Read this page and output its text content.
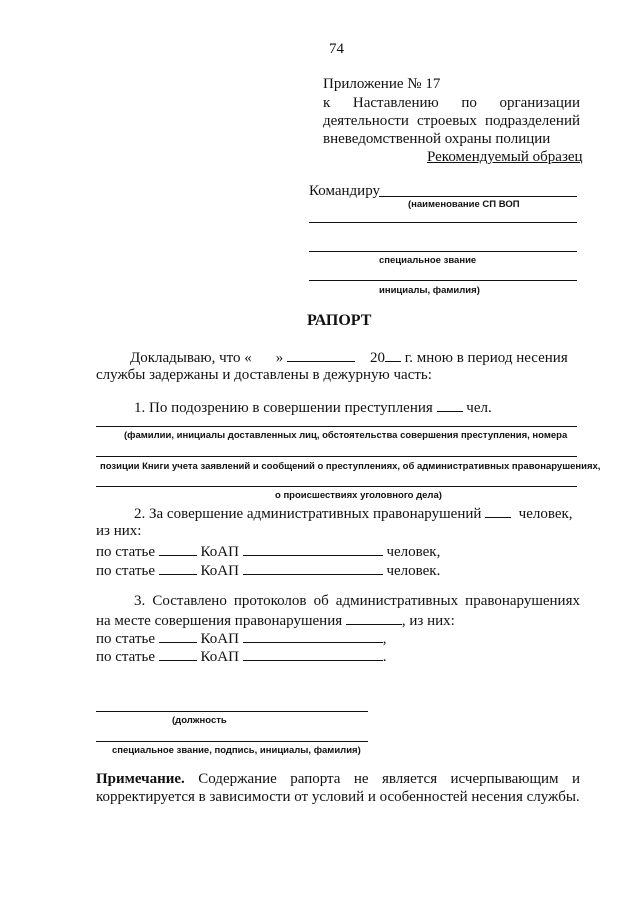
74
Приложение № 17
к Наставлению по организации
деятельности строевых подразделений
вневедомственной охраны полиции
Рекомендуемый образец
Командиру
(наименование СП ВОП
специальное звание
инициалы, фамилия)
РАПОРТ
Докладываю, что « »	20 г. мною в период несения
службы задержаны и доставлены в дежурную часть:
1. По подозрению в совершении преступления чел.
(фамилии, инициалы доставленных лиц, обстоятельства совершения преступления, номера
позиции Книги учета заявлений и сообщений о преступлениях, об административных правонарушениях,
о происшествиях уголовного дела)
2. За совершение административных правонарушений человек,
из них:
по статье	КоАП	человек,
по статье	КоАП	человек.
3. Составлено протоколов об административных правонарушениях
на месте совершения правонарушения	, из них:
по статье	КоАП	,
по статье	КоАП	.
(должность
специальное звание, подпись, инициалы, фамилия)
Примечание. Содержание рапорта не является исчерпывающим и
корректируется в зависимости от условий и особенностей несения службы.
